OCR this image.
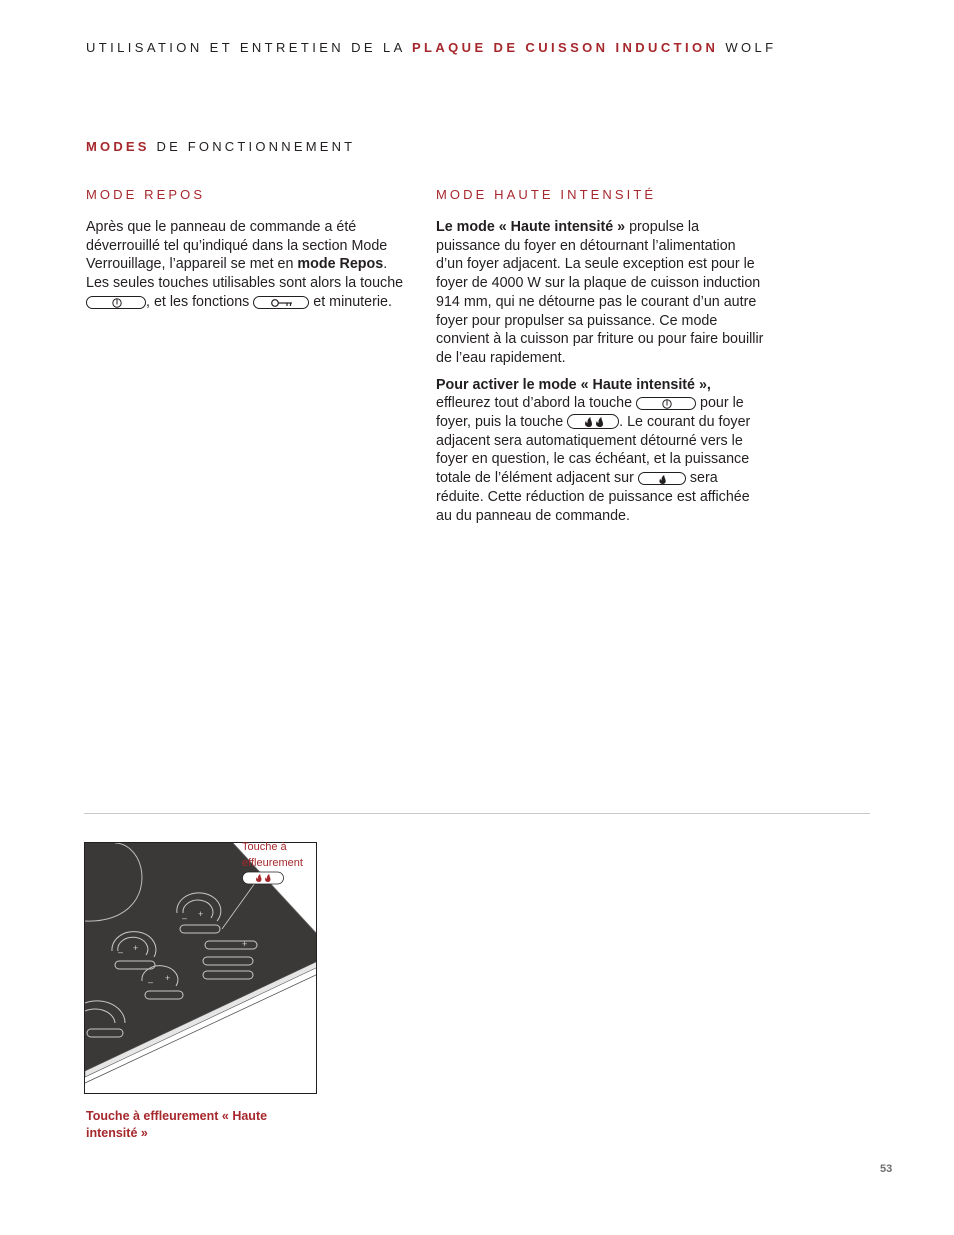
UTILISATION ET ENTRETIEN DE LA PLAQUE DE CUISSON INDUCTION WOLF
MODES DE FONCTIONNEMENT
MODE REPOS

Après que le panneau de commande a été déverrouillé tel qu’indiqué dans la section Mode Verrouillage, l’appareil se met en mode Repos. Les seules touches utilisables sont alors la touche
, et les fonctions	et minuterie.

MODE HAUTE INTENSITÉ

Le mode « Haute intensité » propulse la puissance du foyer en détournant l’alimentation d’un foyer adjacent. La seule exception est pour le foyer de 4000 W sur la plaque de cuisson induction 914 mm, qui ne détourne pas le courant d’un autre foyer pour propulser sa puissance. Ce mode convient à la cuisson par friture ou pour faire bouillir de l’eau rapidement.

Pour activer le mode « Haute intensité », effleurez tout d’abord la touche	pour le foyer, puis la touche	. Le courant du foyer adjacent sera automatiquement détourné vers le foyer en question, le cas échéant, et la puissance totale de l’élément adjacent sur	sera réduite. Cette réduction de puissance est affichée au du panneau de commande.

– +
– +
– +
+
Touche à
effleurement
Touche à effleurement « Haute intensité »
53
